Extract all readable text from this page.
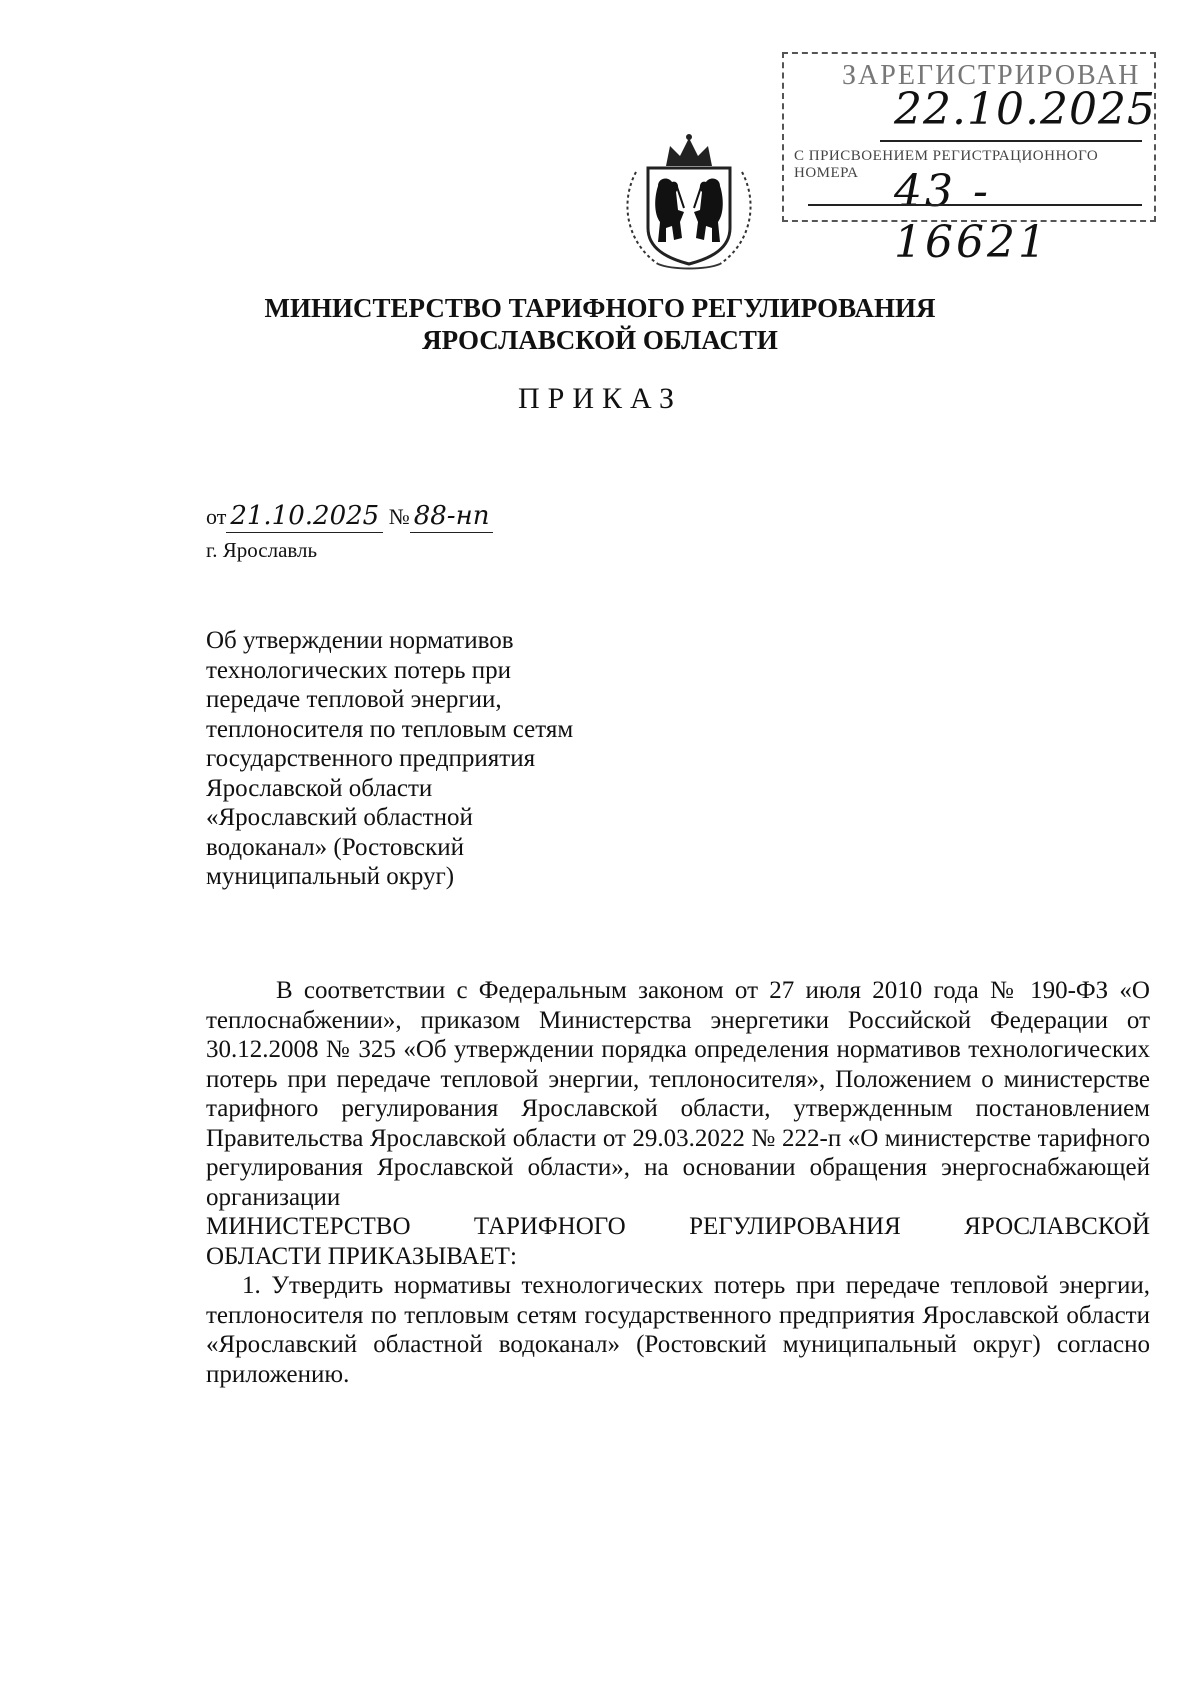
ЗАРЕГИСТРИРОВАН
22.10.2025
С ПРИСВОЕНИЕМ РЕГИСТРАЦИОННОГО НОМЕРА 43 - 16621
МИНИСТЕРСТВО ТАРИФНОГО РЕГУЛИРОВАНИЯ
ЯРОСЛАВСКОЙ ОБЛАСТИ
ПРИКАЗ
от 21.10.2025 № 88-нп
г. Ярославль
Об утверждении нормативов
технологических потерь при
передаче тепловой энергии,
теплоносителя по тепловым сетям
государственного предприятия
Ярославской области
«Ярославский областной
водоканал» (Ростовский
муниципальный округ)

В соответствии с Федеральным законом от 27 июля 2010 года № 190-ФЗ «О теплоснабжении», приказом Министерства энергетики Российской Федерации от 30.12.2008 № 325 «Об утверждении порядка определения нормативов технологических потерь при передаче тепловой энергии, теплоносителя», Положением о министерстве тарифного регулирования Ярославской области, утвержденным постановлением Правительства Ярославской области от 29.03.2022 № 222-п «О министерстве тарифного регулирования Ярославской области», на основании обращения энергоснабжающей организации

МИНИСТЕРСТВО ТАРИФНОГО РЕГУЛИРОВАНИЯ ЯРОСЛАВСКОЙ

ОБЛАСТИ ПРИКАЗЫВАЕТ:

1. Утвердить нормативы технологических потерь при передаче тепловой энергии, теплоносителя по тепловым сетям государственного предприятия Ярославской области «Ярославский областной водоканал» (Ростовский муниципальный округ) согласно приложению.
